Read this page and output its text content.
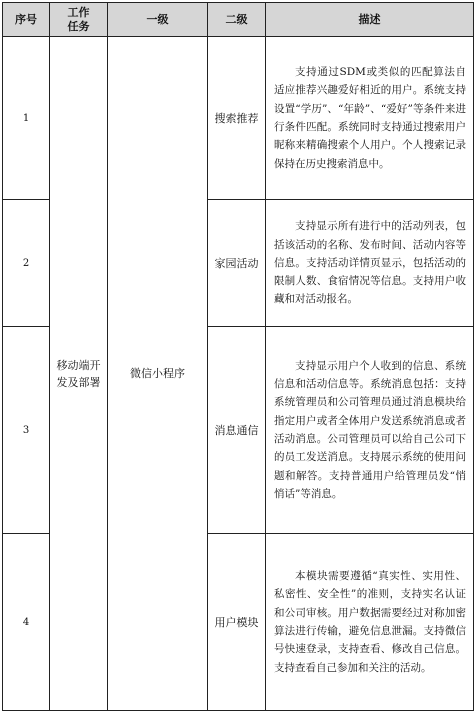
序号	工作任务	一级	二级	描述
1	移动端开发及部署	微信小程序	搜索推荐	支持通过SDM或类似的匹配算法自适应推荐兴趣爱好相近的用户。系统支持设置“学历”、“年龄”、“爱好”等条件来进行条件匹配。系统同时支持通过搜索用户昵称来精确搜索个人用户。个人搜索记录保持在历史搜索消息中。

2			家园活动	支持显示所有进行中的活动列表，包括该活动的名称、发布时间、活动内容等信息。支持活动详情页显示，包括活动的限制人数、食宿情况等信息。支持用户收藏和对活动报名。

3			消息通信	支持显示用户个人收到的信息、系统信息和活动信息等。系统消息包括：支持系统管理员和公司管理员通过消息模块给指定用户或者全体用户发送系统消息或者活动消息。公司管理员可以给自己公司下的员工发送消息。支持展示系统的使用问题和解答。支持普通用户给管理员发“悄悄话”等消息。

4			用户模块	本模块需要遵循“真实性、实用性、私密性、安全性”的准则，支持实名认证和公司审核。用户数据需要经过对称加密算法进行传输，避免信息泄漏。支持微信号快速登录，支持查看、修改自己信息。支持查看自己参加和关注的活动。
